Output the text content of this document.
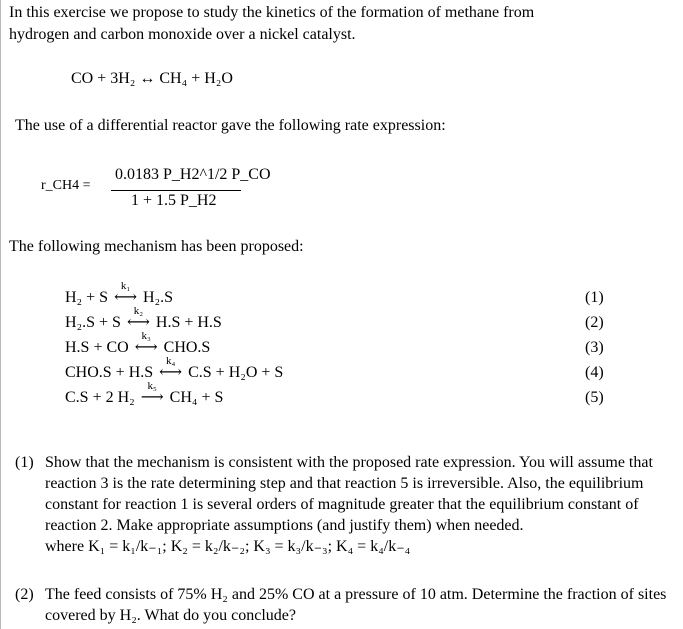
In this exercise we propose to study the kinetics of the formation of methane from
hydrogen and carbon monoxide over a nickel catalyst.
CO + 3H₂ ↔ CH₄ + H₂O
The use of a differential reactor gave the following rate expression:
r_CH4 =
0.0183 P_H2^1/2 P_CO
1 + 1.5 P_H2
The following mechanism has been proposed:
H₂ + S ⟷
k₁
H₂.S	(1)
H₂.S + S ⟷
k₂
H.S + H.S	(2)
H.S + CO ⟷
k₃
CHO.S	(3)
CHO.S + H.S ⟷
k₄
C.S + H₂O + S	(4)
C.S + 2 H₂ ⟶
k₅
CH₄ + S	(5)
(1) Show that the mechanism is consistent with the proposed rate expression. You will assume that reaction 3 is the rate determining step and that reaction 5 is irreversible. Also, the equilibrium constant for reaction 1 is several orders of magnitude greater that the equilibrium constant of reaction 2. Make appropriate assumptions (and justify them) when needed.
where K₁ = k₁/k₋₁; K₂ = k₂/k₋₂; K₃ = k₃/k₋₃; K₄ = k₄/k₋₄
(2) The feed consists of 75% H₂ and 25% CO at a pressure of 10 atm. Determine the fraction of sites covered by H₂. What do you conclude?
